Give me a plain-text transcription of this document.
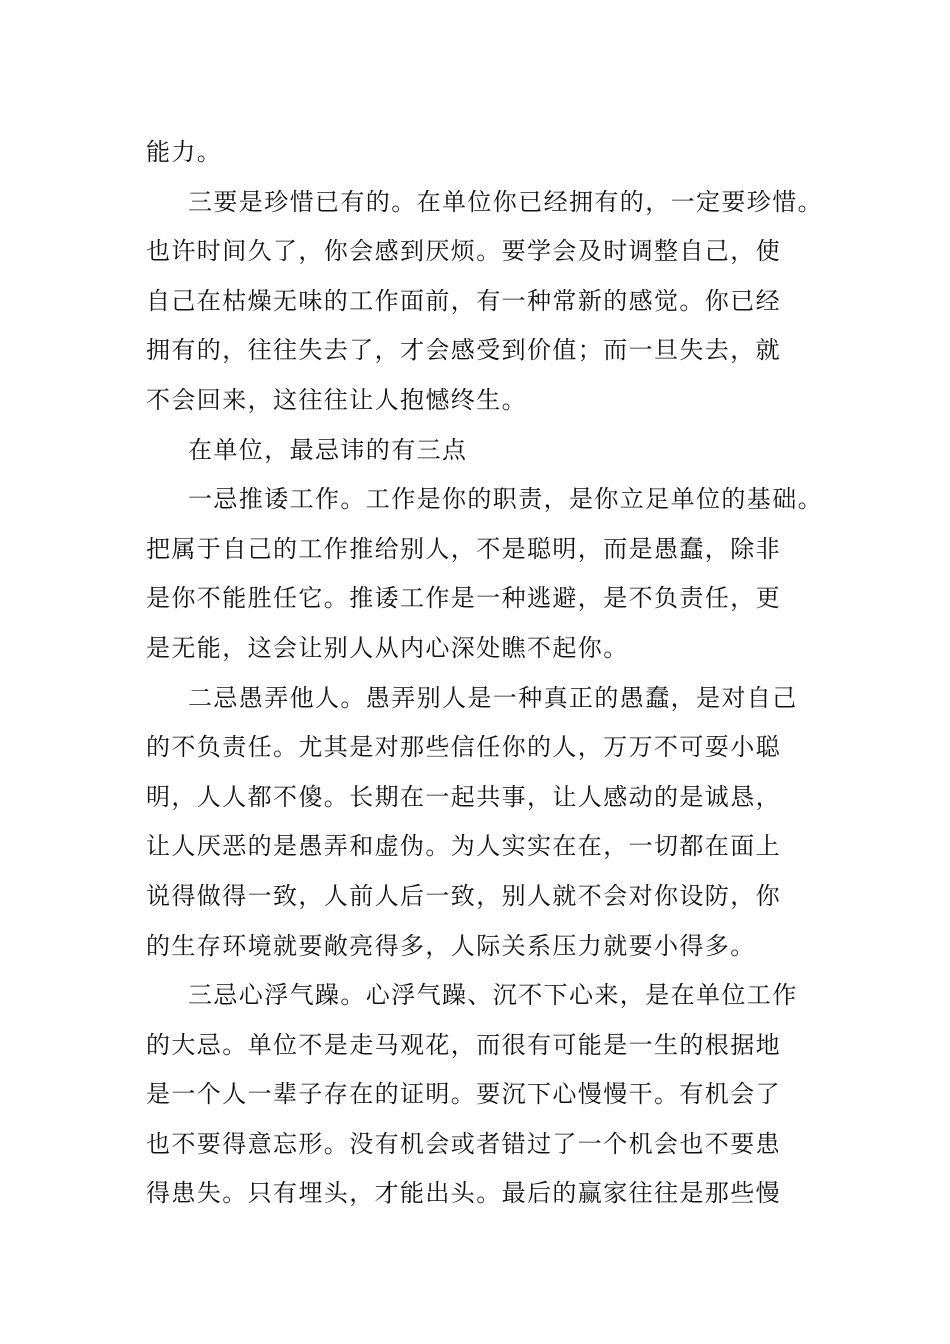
能力。
三要是珍惜已有的。在单位你已经拥有的，一定要珍惜。
也许时间久了，你会感到厌烦。要学会及时调整自己，使
自己在枯燥无味的工作面前，有一种常新的感觉。你已经
拥有的，往往失去了，才会感受到价值；而一旦失去，就
不会回来，这往往让人抱憾终生。
在单位，最忌讳的有三点
一忌推诿工作。工作是你的职责，是你立足单位的基础。
把属于自己的工作推给别人，不是聪明，而是愚蠢，除非
是你不能胜任它。推诿工作是一种逃避，是不负责任，更
是无能，这会让别人从内心深处瞧不起你。
二忌愚弄他人。愚弄别人是一种真正的愚蠢，是对自己
的不负责任。尤其是对那些信任你的人，万万不可耍小聪
明，人人都不傻。长期在一起共事，让人感动的是诚恳，
让人厌恶的是愚弄和虚伪。为人实实在在，一切都在面上
说得做得一致，人前人后一致，别人就不会对你设防，你
的生存环境就要敞亮得多，人际关系压力就要小得多。
三忌心浮气躁。心浮气躁、沉不下心来，是在单位工作
的大忌。单位不是走马观花，而很有可能是一生的根据地
是一个人一辈子存在的证明。要沉下心慢慢干。有机会了
也不要得意忘形。没有机会或者错过了一个机会也不要患
得患失。只有埋头，才能出头。最后的赢家往往是那些慢
